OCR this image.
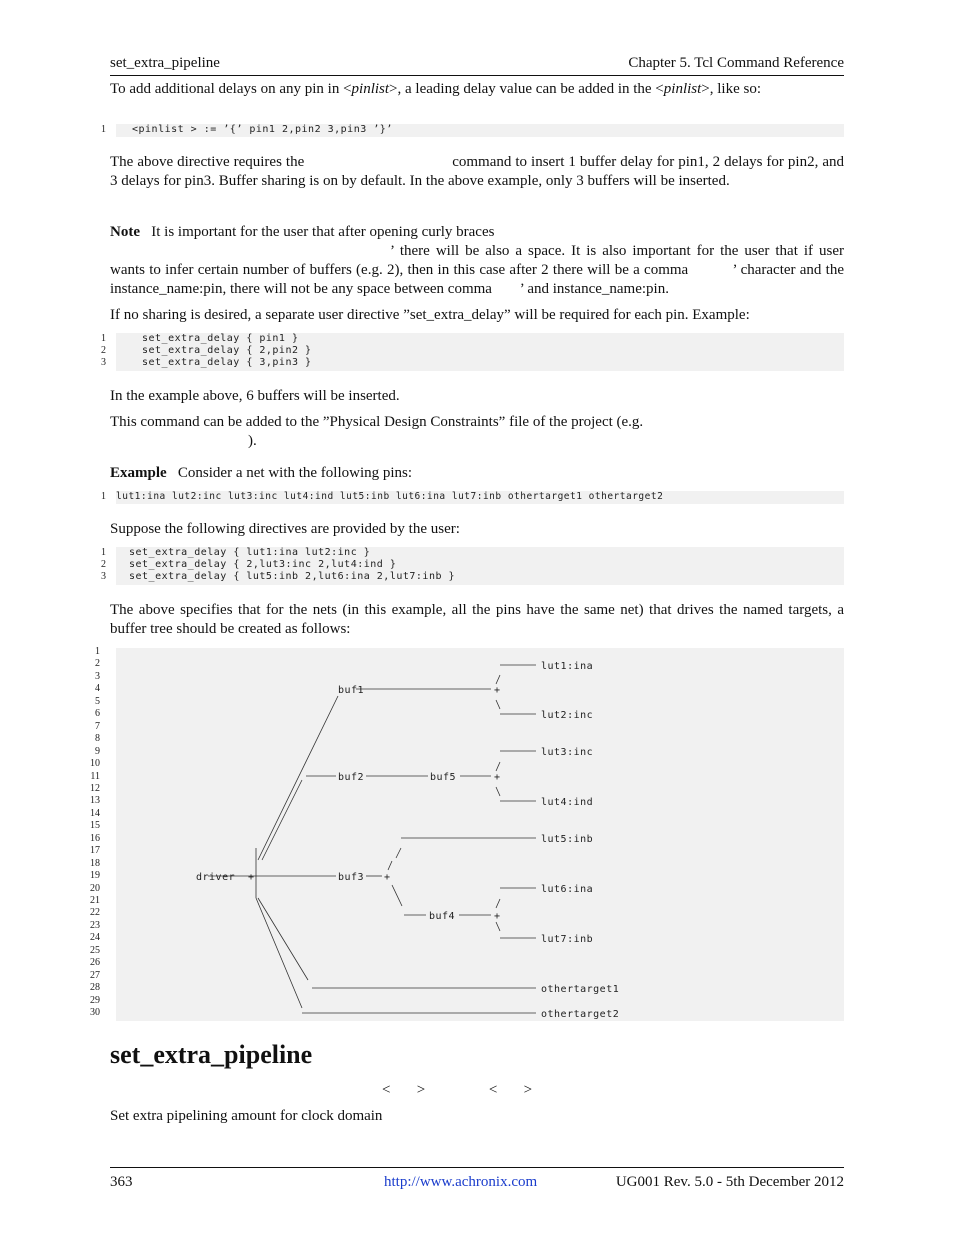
set_extra_pipeline	Chapter 5. Tcl Command Reference
To add additional delays on any pin in <pinlist>, a leading delay value can be added in the <pinlist>, like so:
1	<pinlist > := ’{’ pin1 2,pin2 3,pin3 ’}’
The above directive requires the	command to insert 1 buffer delay for pin1, 2 delays for pin2, and 3 delays for pin3. Buffer sharing is on by default. In the above example, only 3 buffers will be inserted.
Note It is important for the user that after opening curly braces
’ there will be also a space. It is also important for the user that if user wants to infer certain number of buffers (e.g. 2), then in this case after 2 there will be a comma	’ character and the instance_name:pin, there will not be any space between comma ’ and instance_name:pin.
If no sharing is desired, a separate user directive ”set_extra_delay” will be required for each pin. Example:
1	set_extra_delay { pin1 }
2	set_extra_delay { 2,pin2 }
3	set_extra_delay { 3,pin3 }
In the example above, 6 buffers will be inserted.
This command can be added to the ”Physical Design Constraints” file of the project (e.g.
).
Example Consider a net with the following pins:
1 lut1:ina lut2:inc lut3:inc lut4:ind lut5:inb lut6:ina lut7:inb othertarget1 othertarget2
Suppose the following directives are provided by the user:
1 set_extra_delay { lut1:ina lut2:inc }
2 set_extra_delay { 2,lut3:inc 2,lut4:ind }
3 set_extra_delay { lut5:inb 2,lut6:ina 2,lut7:inb }
The above specifies that for the nets (in this example, all the pins have the same net) that drives the named targets, a buffer tree should be created as follows:
1
2
3
4
5
6
7
8
9
10
11
12
13
14
15
16
17
18
19
20
21
22
23
24
25
26
27
28
29
30
+
+
+
+
+
lut1:ina
lut2:inc
lut3:inc
lut4:ind
lut5:inb
lut6:ina
lut7:inb
othertarget1
othertarget2
buf1
buf2
buf3
buf4
buf5
driver
set_extra_pipeline
<       >                 <       >
Set extra pipelining amount for clock domain
363	http://www.achronix.com	UG001 Rev. 5.0 - 5th December 2012
